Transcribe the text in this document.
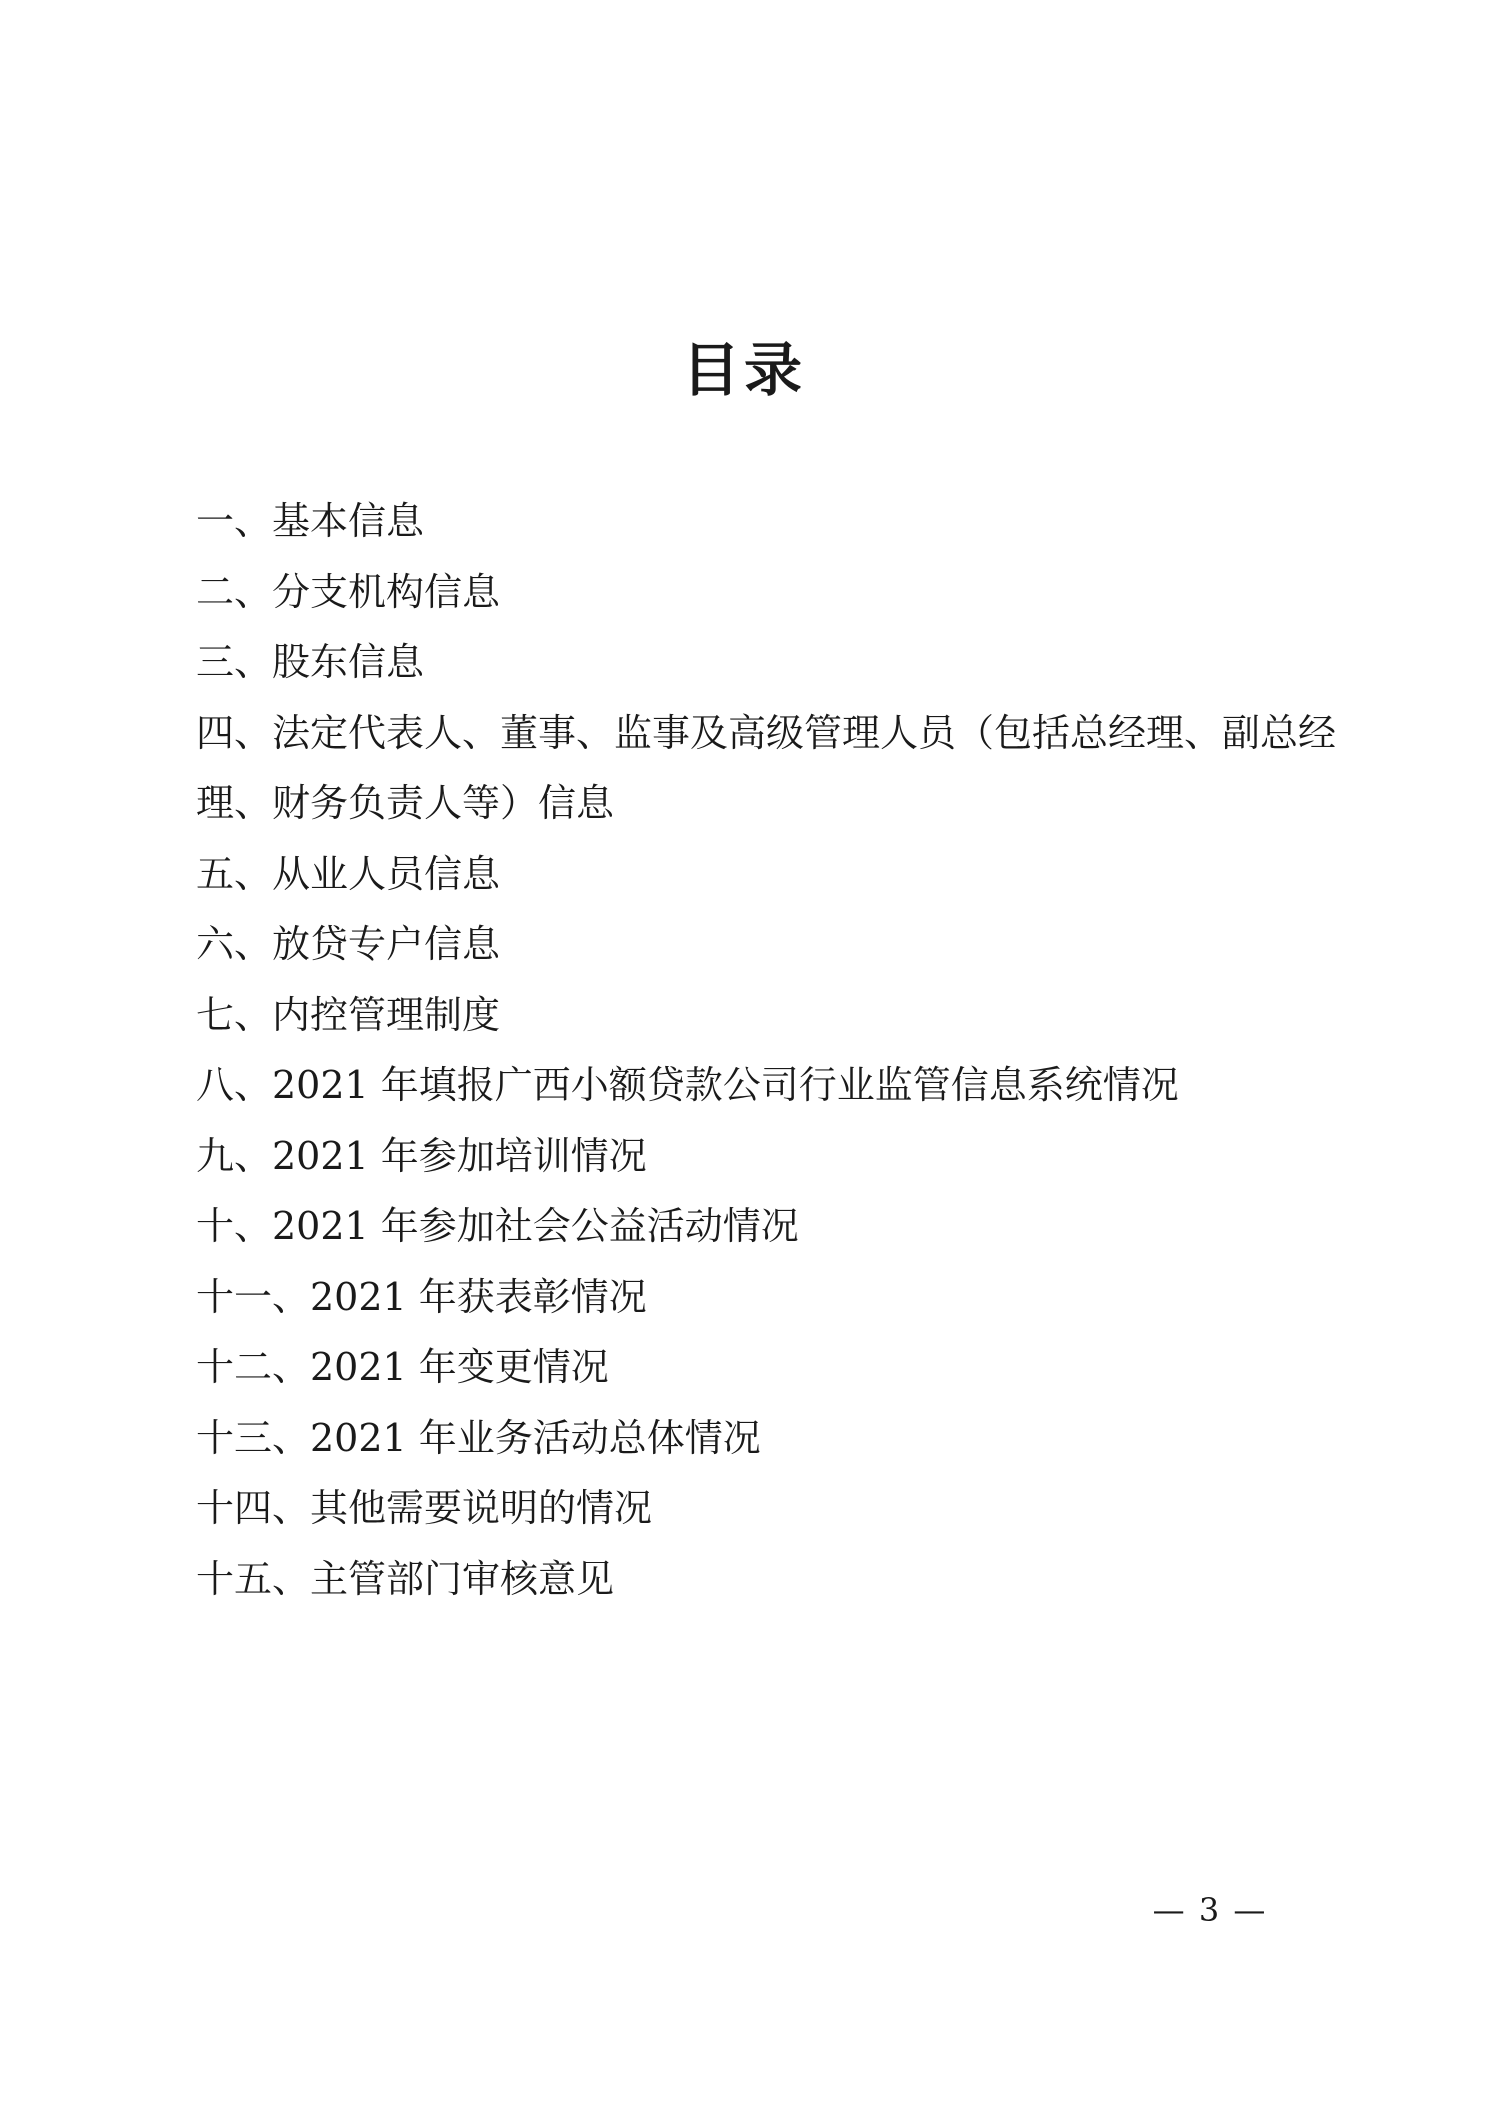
目录
一、基本信息
二、分支机构信息
三、股东信息
四、法定代表人、董事、监事及高级管理人员（包括总经理、副总经理、财务负责人等）信息
五、从业人员信息
六、放贷专户信息
七、内控管理制度
八、2021 年填报广西小额贷款公司行业监管信息系统情况
九、2021 年参加培训情况
十、2021 年参加社会公益活动情况
十一、2021 年获表彰情况
十二、2021 年变更情况
十三、2021 年业务活动总体情况
十四、其他需要说明的情况
十五、主管部门审核意见
— 3 —
